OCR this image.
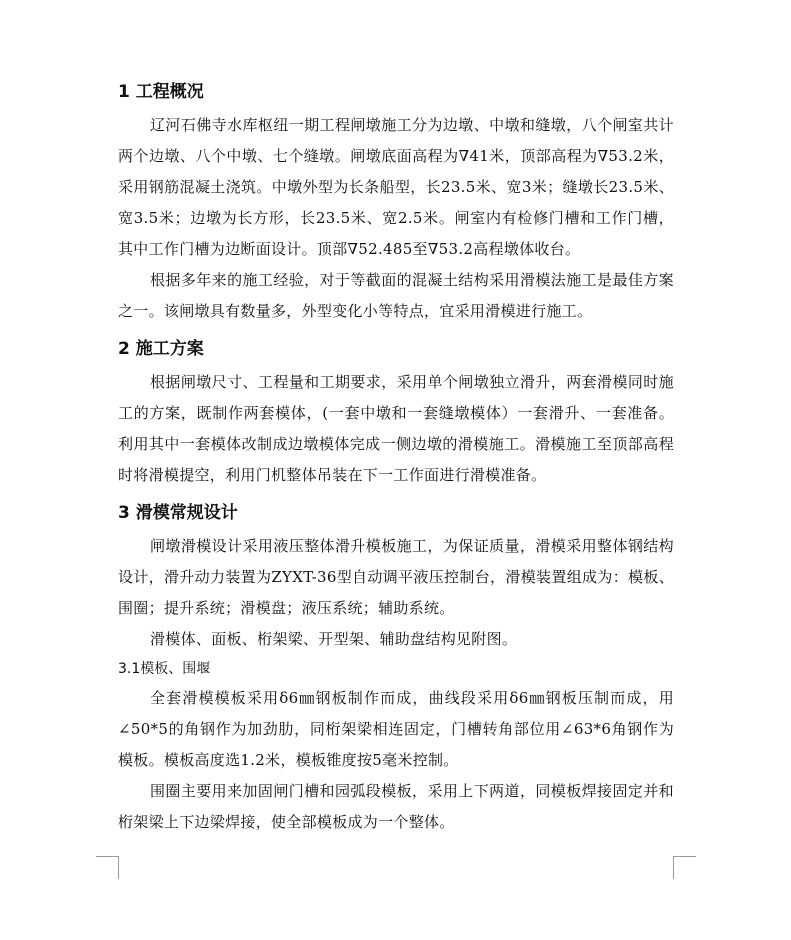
1 工程概况

辽河石佛寺水库枢纽一期工程闸墩施工分为边墩、中墩和缝墩，八个闸室共计两个边墩、八个中墩、七个缝墩。闸墩底面高程为∇41米，顶部高程为∇53.2米，采用钢筋混凝土浇筑。中墩外型为长条船型，长23.5米、宽3米；缝墩长23.5米、宽3.5米；边墩为长方形，长23.5米、宽2.5米。闸室内有检修门槽和工作门槽，其中工作门槽为边断面设计。顶部∇52.485至∇53.2高程墩体收台。

根据多年来的施工经验，对于等截面的混凝土结构采用滑模法施工是最佳方案之一。该闸墩具有数量多，外型变化小等特点，宜采用滑模进行施工。

2 施工方案

根据闸墩尺寸、工程量和工期要求，采用单个闸墩独立滑升，两套滑模同时施工的方案，既制作两套模体，(一套中墩和一套缝墩模体）一套滑升、一套准备。利用其中一套模体改制成边墩模体完成一侧边墩的滑模施工。滑模施工至顶部高程时将滑模提空，利用门机整体吊装在下一工作面进行滑模准备。

3 滑模常规设计

闸墩滑模设计采用液压整体滑升模板施工，为保证质量，滑模采用整体钢结构设计，滑升动力装置为ZYXT-36型自动调平液压控制台，滑模装置组成为：模板、围圈；提升系统；滑模盘；液压系统；辅助系统。

滑模体、面板、桁架梁、开型架、辅助盘结构见附图。

3.1模板、围堰

全套滑模模板采用δ6㎜钢板制作而成，曲线段采用δ6㎜钢板压制而成，用∠50*5的角钢作为加劲肋，同桁架梁相连固定，门槽转角部位用∠63*6角钢作为模板。模板高度选1.2米，模板锥度按5毫米控制。

围圈主要用来加固闸门槽和园弧段模板，采用上下两道，同模板焊接固定并和桁架梁上下边梁焊接，使全部模板成为一个整体。
